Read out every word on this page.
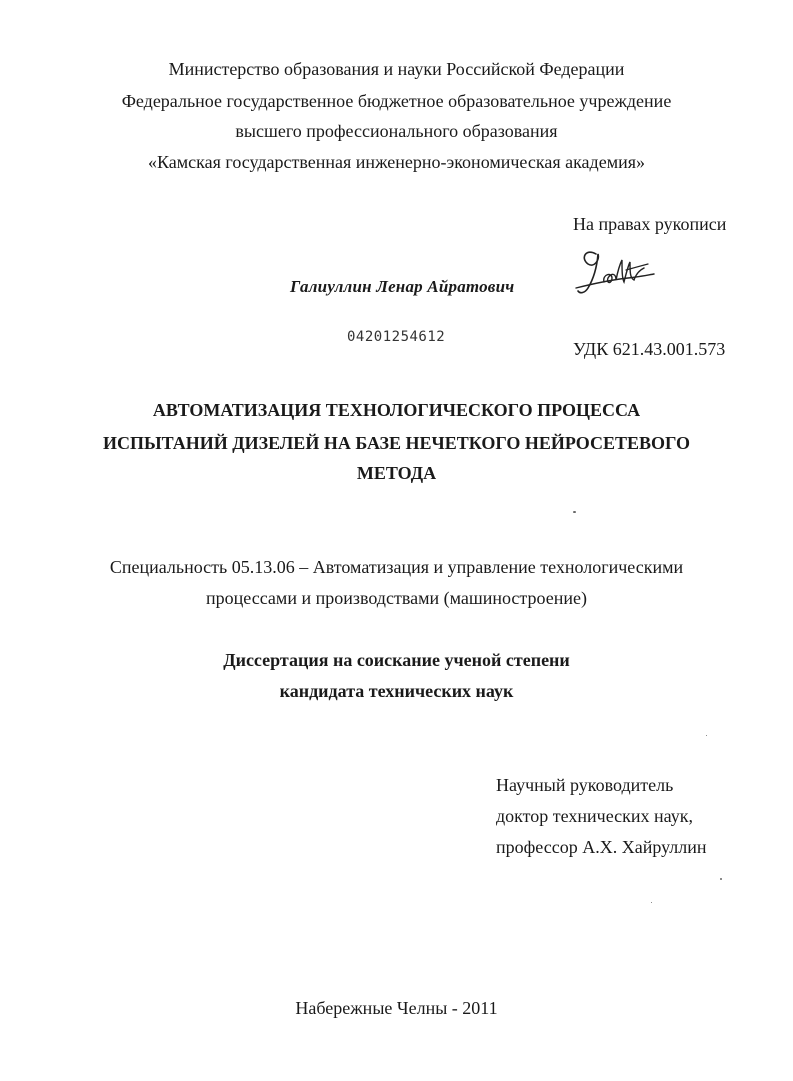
Министерство образования и науки Российской Федерации
Федеральное государственное бюджетное образовательное учреждение
высшего профессионального образования
«Камская государственная инженерно-экономическая академия»
На правах рукописи
Галиуллин Ленар Айратович
04201254612
УДК 621.43.001.573
АВТОМАТИЗАЦИЯ ТЕХНОЛОГИЧЕСКОГО ПРОЦЕССА
ИСПЫТАНИЙ ДИЗЕЛЕЙ НА БАЗЕ НЕЧЕТКОГО НЕЙРОСЕТЕВОГО
МЕТОДА
Специальность 05.13.06 – Автоматизация и управление технологическими
процессами и производствами (машиностроение)
Диссертация на соискание ученой степени
кандидата технических наук
Научный руководитель
доктор технических наук,
профессор А.Х. Хайруллин
Набережные Челны - 2011
